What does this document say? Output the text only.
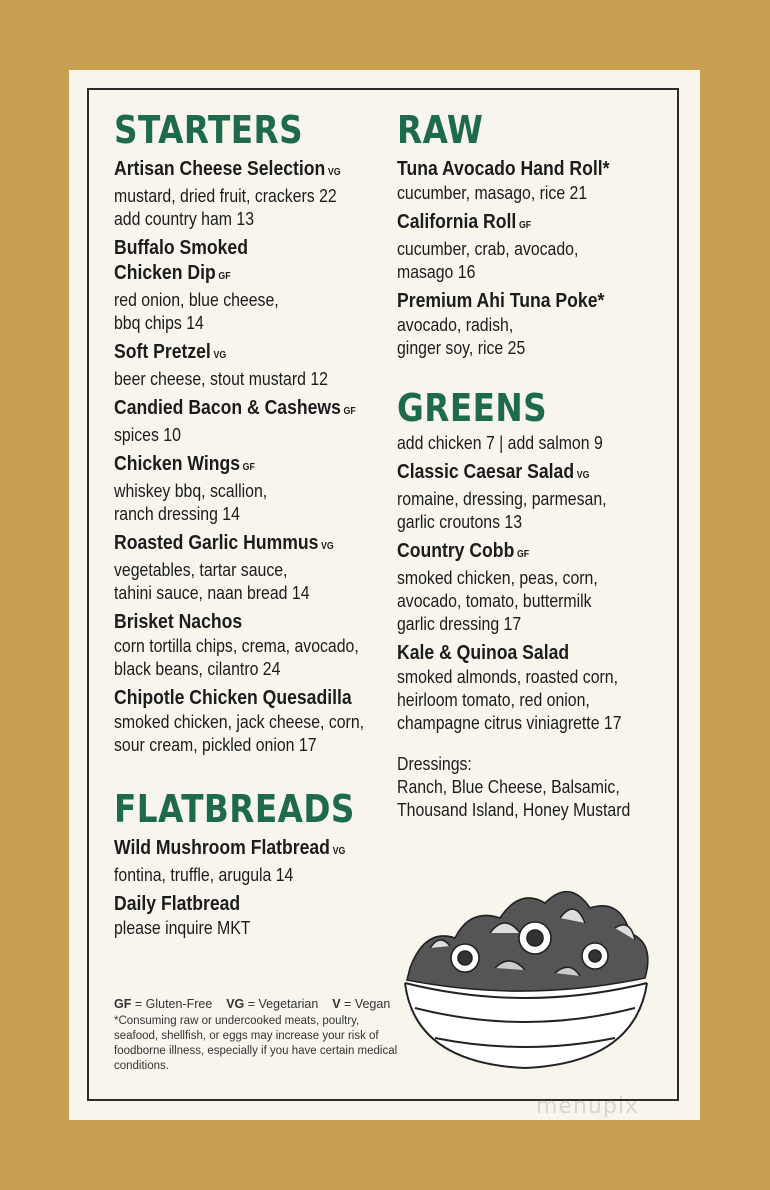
STARTERS
Artisan Cheese Selection VG
mustard, dried fruit, crackers 22
add country ham 13
Buffalo Smoked
Chicken Dip GF
red onion, blue cheese,
bbq chips 14
Soft Pretzel VG
beer cheese, stout mustard 12
Candied Bacon & Cashews GF
spices 10
Chicken Wings GF
whiskey bbq, scallion,
ranch dressing 14
Roasted Garlic Hummus VG
vegetables, tartar sauce,
tahini sauce, naan bread 14
Brisket Nachos
corn tortilla chips, crema, avocado,
black beans, cilantro 24
Chipotle Chicken Quesadilla
smoked chicken, jack cheese, corn,
sour cream, pickled onion 17
FLATBREADS
Wild Mushroom Flatbread VG
fontina, truffle, arugula 14
Daily Flatbread
please inquire MKT
RAW
Tuna Avocado Hand Roll*
cucumber, masago, rice 21
California Roll GF
cucumber, crab, avocado,
masago 16
Premium Ahi Tuna Poke*
avocado, radish,
ginger soy, rice 25
GREENS
add chicken 7 | add salmon 9
Classic Caesar Salad VG
romaine, dressing, parmesan,
garlic croutons 13
Country Cobb GF
smoked chicken, peas, corn,
avocado, tomato, buttermilk
garlic dressing 17
Kale & Quinoa Salad
smoked almonds, roasted corn,
heirloom tomato, red onion,
champagne citrus viniagrette 17
Dressings:
Ranch, Blue Cheese, Balsamic,
Thousand Island, Honey Mustard
GF = Gluten-Free VG = Vegetarian V = Vegan
*Consuming raw or undercooked meats, poultry, seafood, shellfish, or eggs may increase your risk of foodborne illness, especially if you have certain medical conditions.
menupix
